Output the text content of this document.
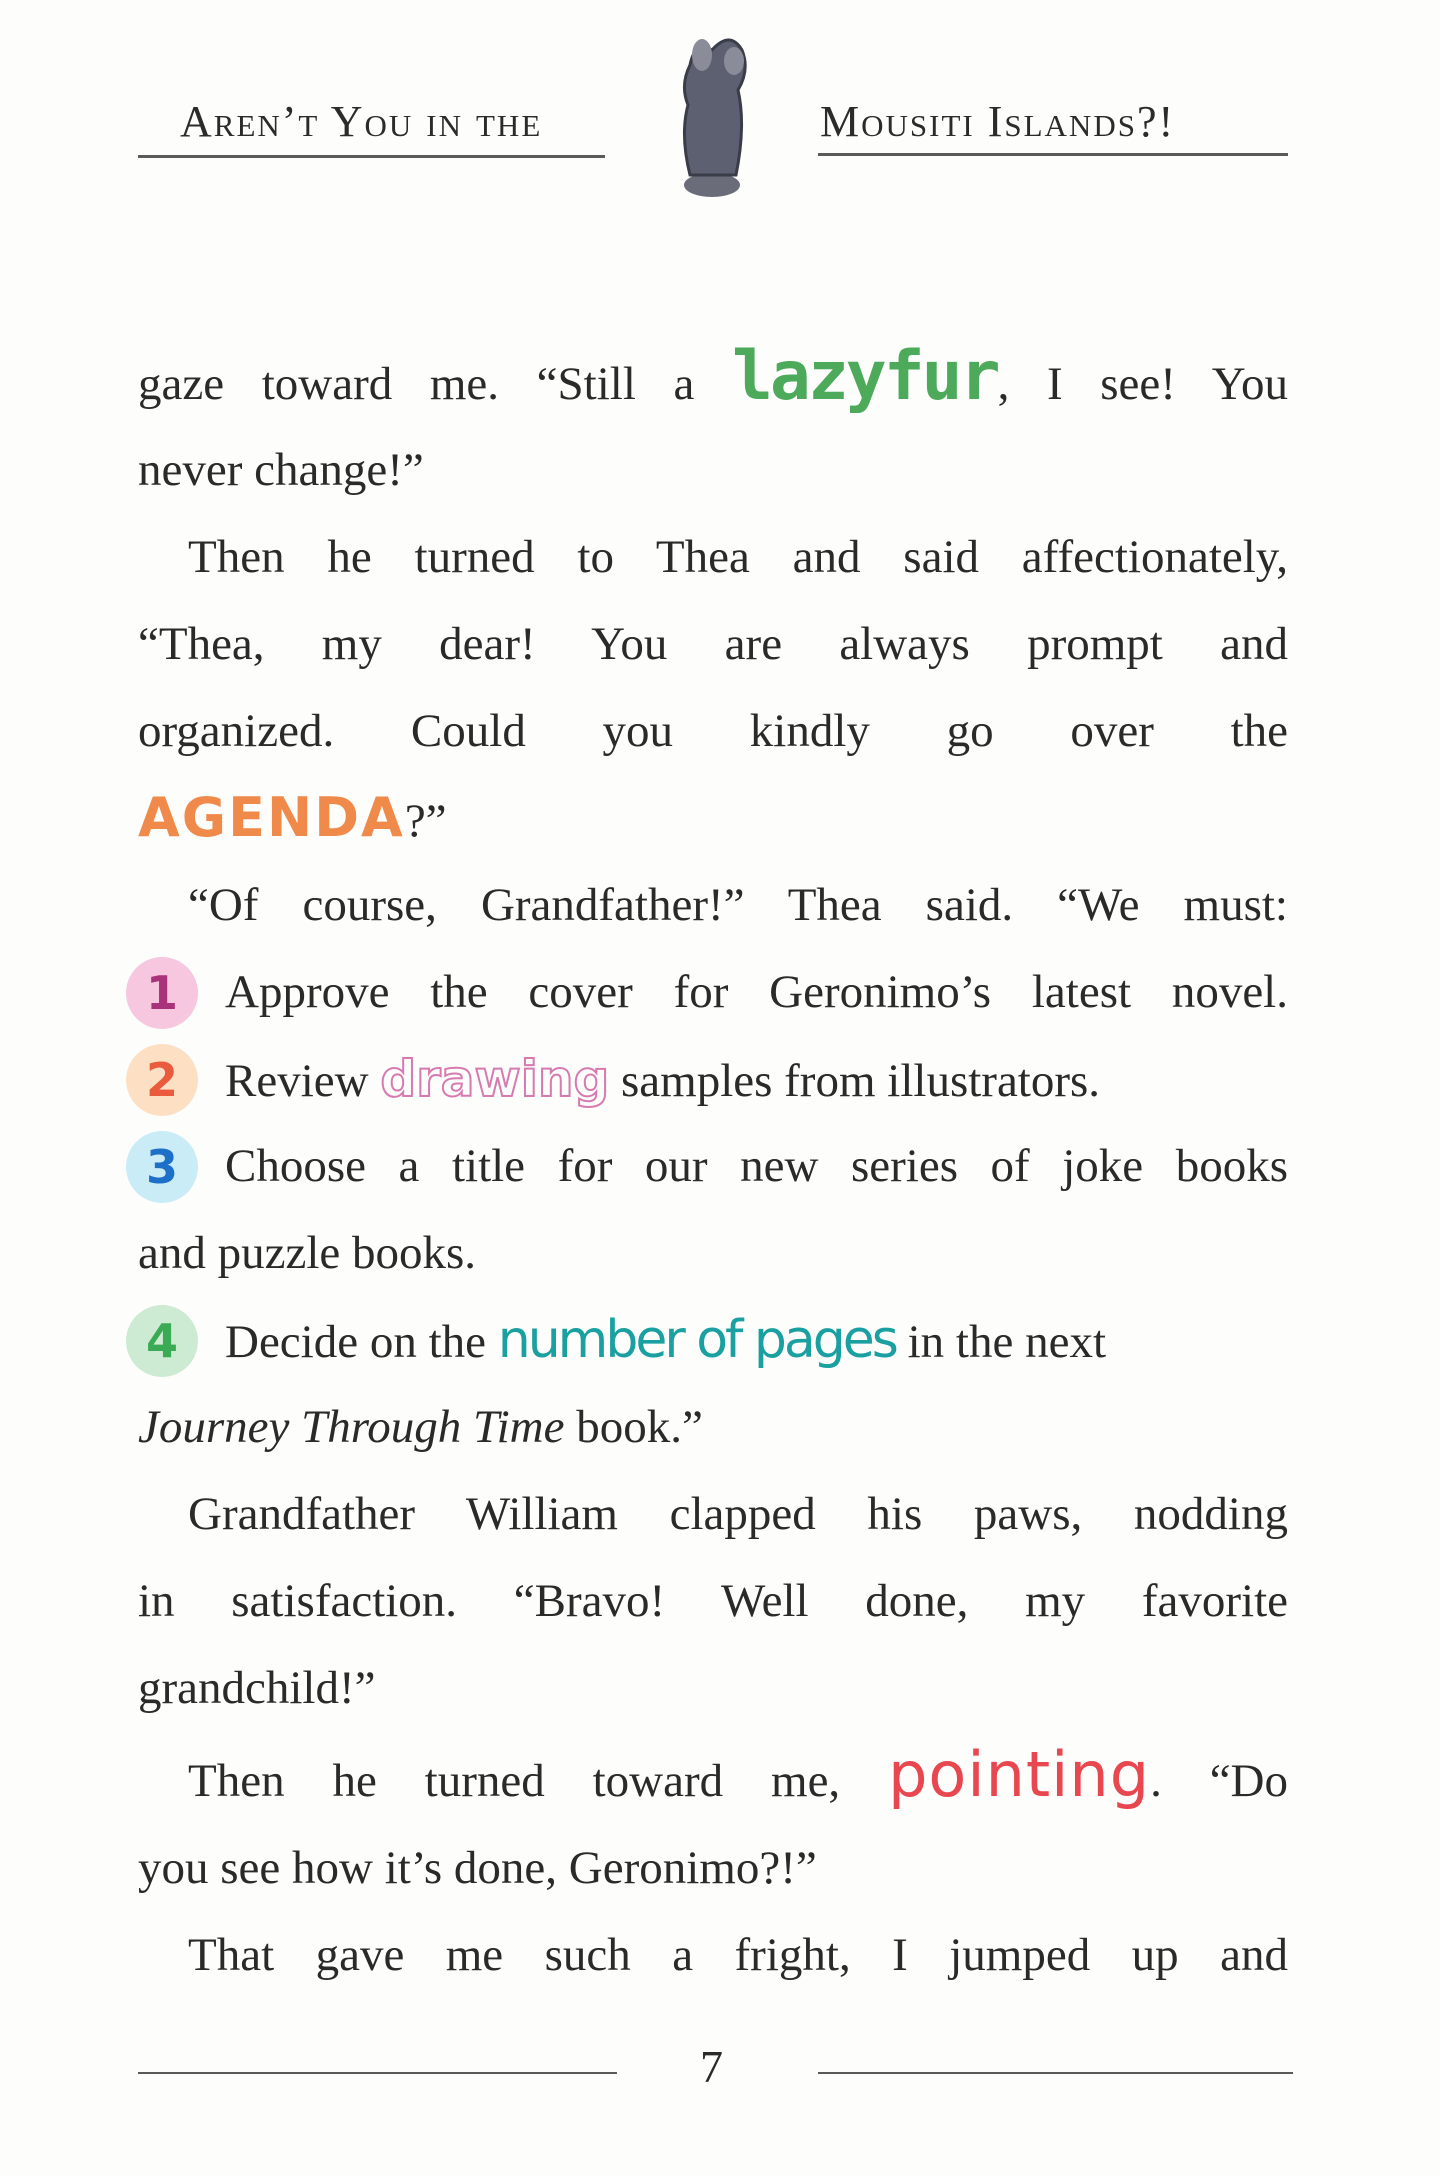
Aren’t You in the	Mousiti Islands?!
gaze toward me. “Still a lazyfur, I see! You
never change!”
Then he turned to Thea and said affectionately,
“Thea, my dear! You are always prompt and
organized. Could you kindly go over the
AGENDA?”
“Of course, Grandfather!” Thea said. “We must:
1	Approve the cover for Geronimo’s latest novel.
2	Review drawing samples from illustrators.
3	Choose a title for our new series of joke books
and puzzle books.
4	Decide on the number of pages in the next
Journey Through Time book.”
Grandfather William clapped his paws, nodding
in satisfaction. “Bravo! Well done, my favorite
grandchild!”
Then he turned toward me, pointing. “Do
you see how it’s done, Geronimo?!”
That gave me such a fright, I jumped up and
7
